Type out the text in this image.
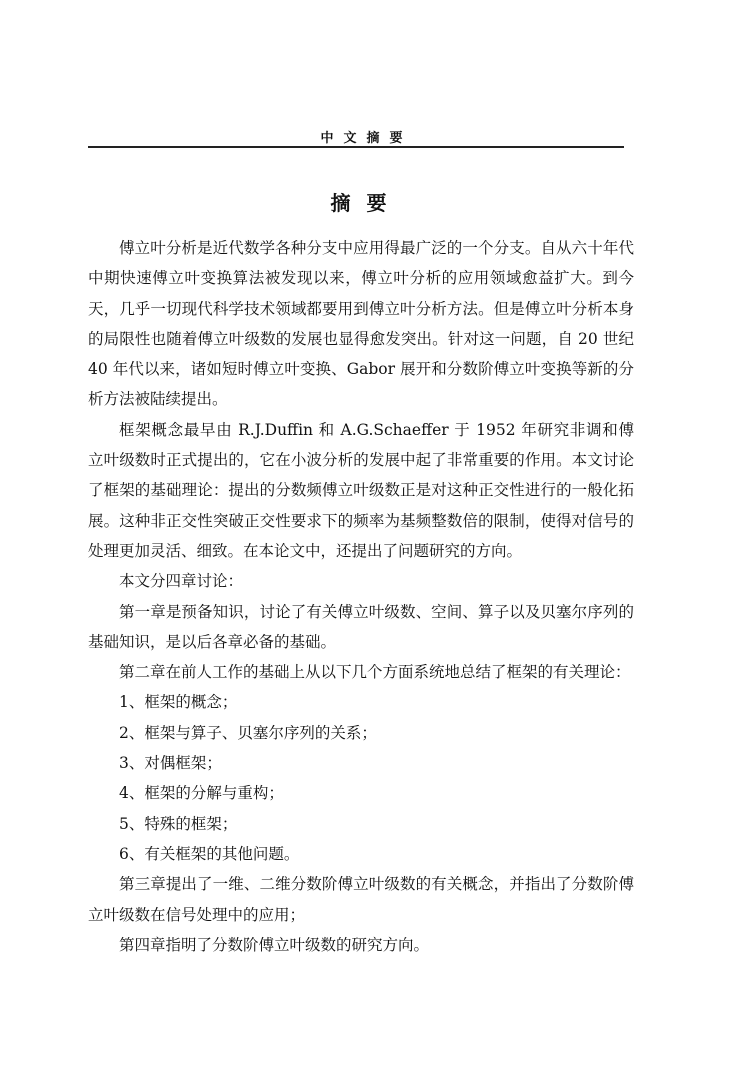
中文摘要
摘要

傅立叶分析是近代数学各种分支中应用得最广泛的一个分支。自从六十年代中期快速傅立叶变换算法被发现以来，傅立叶分析的应用领域愈益扩大。到今天，几乎一切现代科学技术领域都要用到傅立叶分析方法。但是傅立叶分析本身的局限性也随着傅立叶级数的发展也显得愈发突出。针对这一问题，自 20 世纪 40 年代以来，诸如短时傅立叶变换、Gabor 展开和分数阶傅立叶变换等新的分析方法被陆续提出。

框架概念最早由 R.J.Duffin 和 A.G.Schaeffer 于 1952 年研究非调和傅立叶级数时正式提出的，它在小波分析的发展中起了非常重要的作用。本文讨论了框架的基础理论：提出的分数频傅立叶级数正是对这种正交性进行的一般化拓展。这种非正交性突破正交性要求下的频率为基频整数倍的限制，使得对信号的处理更加灵活、细致。在本论文中，还提出了问题研究的方向。

本文分四章讨论：

第一章是预备知识，讨论了有关傅立叶级数、空间、算子以及贝塞尔序列的基础知识，是以后各章必备的基础。

第二章在前人工作的基础上从以下几个方面系统地总结了框架的有关理论：

1、框架的概念；

2、框架与算子、贝塞尔序列的关系；

3、对偶框架；

4、框架的分解与重构；

5、特殊的框架；

6、有关框架的其他问题。

第三章提出了一维、二维分数阶傅立叶级数的有关概念，并指出了分数阶傅立叶级数在信号处理中的应用；

第四章指明了分数阶傅立叶级数的研究方向。
